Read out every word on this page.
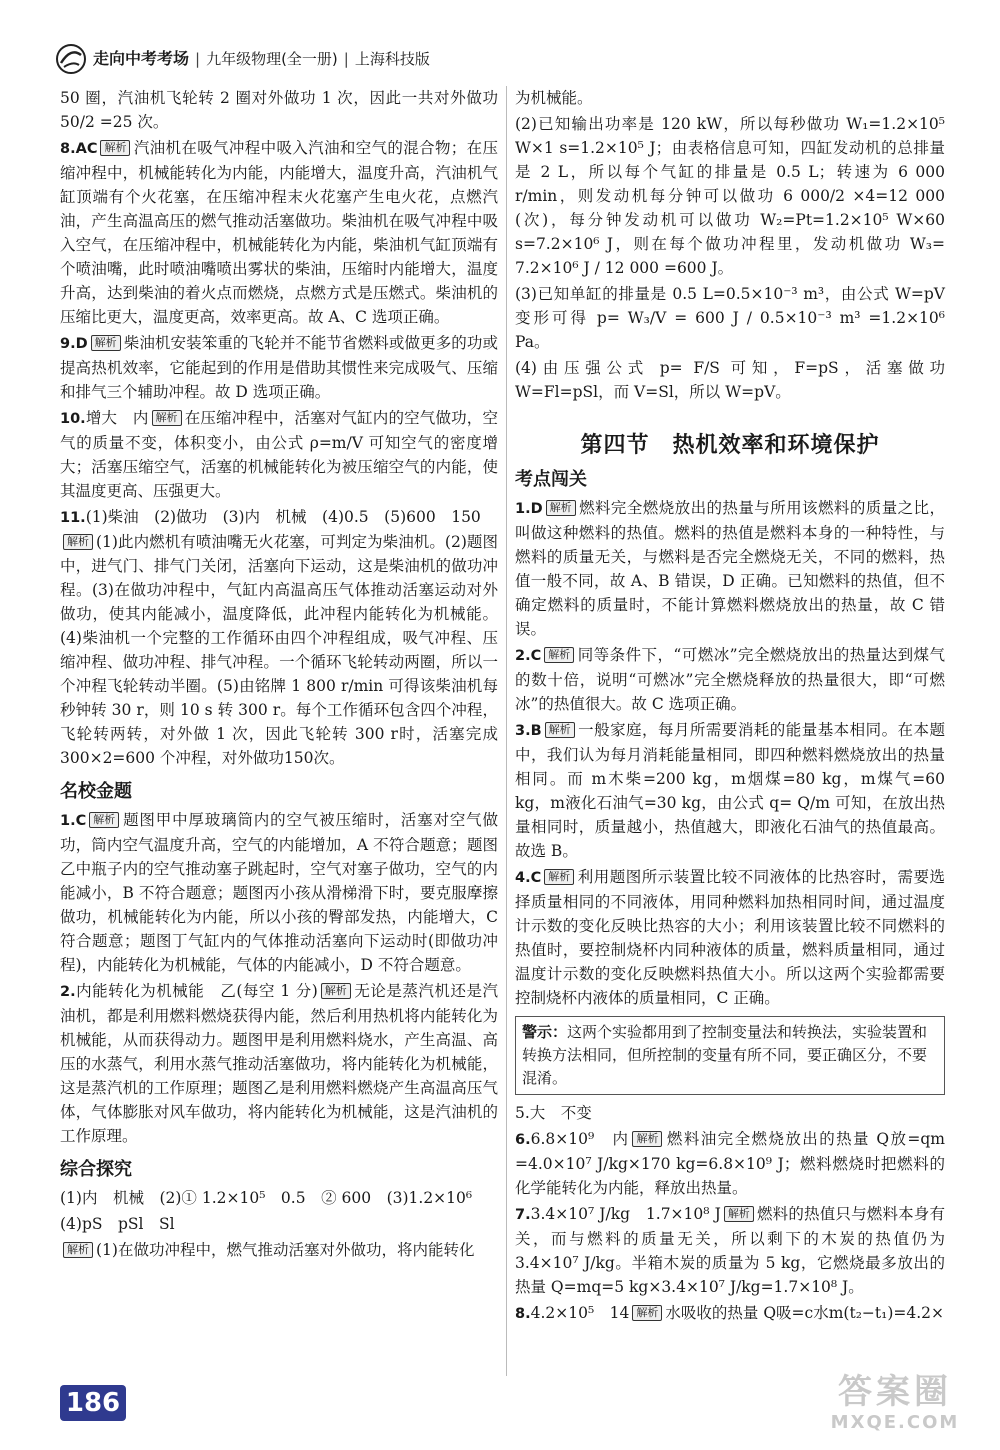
走向中考考场 | 九年级物理(全一册) | 上海科技版

50 圈，汽油机飞轮转 2 圈对外做功 1 次，因此一共对外做功 50/2 =25 次。

8.AC 解析 汽油机在吸气冲程中吸入汽油和空气的混合物；在压缩冲程中，机械能转化为内能，内能增大，温度升高，汽油机气缸顶端有个火花塞，在压缩冲程末火花塞产生电火花，点燃汽油，产生高温高压的燃气推动活塞做功。柴油机在吸气冲程中吸入空气，在压缩冲程中，机械能转化为内能，柴油机气缸顶端有个喷油嘴，此时喷油嘴喷出雾状的柴油，压缩时内能增大，温度升高，达到柴油的着火点而燃烧，点燃方式是压燃式。柴油机的压缩比更大，温度更高，效率更高。故 A、C 选项正确。

9.D 解析 柴油机安装笨重的飞轮并不能节省燃料或做更多的功或提高热机效率，它能起到的作用是借助其惯性来完成吸气、压缩和排气三个辅助冲程。故 D 选项正确。

10.增大　内 解析 在压缩冲程中，活塞对气缸内的空气做功，空气的质量不变，体积变小，由公式 ρ=m/V 可知空气的密度增大；活塞压缩空气，活塞的机械能转化为被压缩空气的内能，使其温度更高、压强更大。

11.(1)柴油　(2)做功　(3)内　机械　(4)0.5　(5)600　150
解析 (1)此内燃机有喷油嘴无火花塞，可判定为柴油机。(2)题图中，进气门、排气门关闭，活塞向下运动，这是柴油机的做功冲程。(3)在做功冲程中，气缸内高温高压气体推动活塞运动对外做功，使其内能减小，温度降低，此冲程内能转化为机械能。(4)柴油机一个完整的工作循环由四个冲程组成，吸气冲程、压缩冲程、做功冲程、排气冲程。一个循环飞轮转动两圈，所以一个冲程飞轮转动半圈。(5)由铭牌 1 800 r/min 可得该柴油机每秒钟转 30 r，则 10 s 转 300 r。每个工作循环包含四个冲程，飞轮转两转，对外做 1 次，因此飞轮转 300 r时，活塞完成 300×2=600 个冲程，对外做功150次。

名校金题

1.C 解析 题图甲中厚玻璃筒内的空气被压缩时，活塞对空气做功，筒内空气温度升高，空气的内能增加，A 不符合题意；题图乙中瓶子内的空气推动塞子跳起时，空气对塞子做功，空气的内能减小，B 不符合题意；题图丙小孩从滑梯滑下时，要克服摩擦做功，机械能转化为内能，所以小孩的臀部发热，内能增大，C 符合题意；题图丁气缸内的气体推动活塞向下运动时(即做功冲程)，内能转化为机械能，气体的内能减小，D 不符合题意。

2.内能转化为机械能　乙(每空 1 分) 解析 无论是蒸汽机还是汽油机，都是利用燃料燃烧获得内能，然后利用热机将内能转化为机械能，从而获得动力。题图甲是利用燃料烧水，产生高温、高压的水蒸气，利用水蒸气推动活塞做功，将内能转化为机械能，这是蒸汽机的工作原理；题图乙是利用燃料燃烧产生高温高压气体，气体膨胀对风车做功，将内能转化为机械能，这是汽油机的工作原理。

综合探究

(1)内　机械　(2)① 1.2×10⁵　0.5　② 600　(3)1.2×10⁶

(4)pS　pSl　Sl

解析 (1)在做功冲程中，燃气推动活塞对外做功，将内能转化

为机械能。

(2)已知输出功率是 120 kW，所以每秒做功 W₁=1.2×10⁵ W×1 s=1.2×10⁵ J；由表格信息可知，四缸发动机的总排量是 2 L，所以每个气缸的排量是 0.5 L；转速为 6 000 r/min，则发动机每分钟可以做功 6 000/2 ×4=12 000 (次)，每分钟发动机可以做功 W₂=Pt=1.2×10⁵ W×60 s=7.2×10⁶ J，则在每个做功冲程里，发动机做功 W₃= 7.2×10⁶ J / 12 000 =600 J。

(3)已知单缸的排量是 0.5 L=0.5×10⁻³ m³，由公式 W=pV 变形可得 p= W₃/V = 600 J / 0.5×10⁻³ m³ =1.2×10⁶ Pa。

(4)由压强公式 p= F/S 可知，F=pS，活塞做功 W=Fl=pSl，而 V=Sl，所以 W=pV。

第四节　热机效率和环境保护
考点闯关

1.D 解析 燃料完全燃烧放出的热量与所用该燃料的质量之比，叫做这种燃料的热值。燃料的热值是燃料本身的一种特性，与燃料的质量无关，与燃料是否完全燃烧无关，不同的燃料，热值一般不同，故 A、B 错误，D 正确。已知燃料的热值，但不确定燃料的质量时，不能计算燃料燃烧放出的热量，故 C 错误。

2.C 解析 同等条件下，“可燃冰”完全燃烧放出的热量达到煤气的数十倍，说明“可燃冰”完全燃烧释放的热量很大，即“可燃冰”的热值很大。故 C 选项正确。

3.B 解析 一般家庭，每月所需要消耗的能量基本相同。在本题中，我们认为每月消耗能量相同，即四种燃料燃烧放出的热量相同。而 m木柴=200 kg，m烟煤=80 kg，m煤气=60 kg，m液化石油气=30 kg，由公式 q= Q/m 可知，在放出热量相同时，质量越小，热值越大，即液化石油气的热值最高。故选 B。

4.C 解析 利用题图所示装置比较不同液体的比热容时，需要选择质量相同的不同液体，用同种燃料加热相同时间，通过温度计示数的变化反映比热容的大小；利用该装置比较不同燃料的热值时，要控制烧杯内同种液体的质量，燃料质量相同，通过温度计示数的变化反映燃料热值大小。所以这两个实验都需要控制烧杯内液体的质量相同，C 正确。

警示：这两个实验都用到了控制变量法和转换法，实验装置和转换方法相同，但所控制的变量有所不同，要正确区分，不要混淆。

5.大　不变

6.6.8×10⁹　内 解析 燃料油完全燃烧放出的热量 Q放=qm =4.0×10⁷ J/kg×170 kg=6.8×10⁹ J；燃料燃烧时把燃料的化学能转化为内能，释放出热量。

7.3.4×10⁷ J/kg　1.7×10⁸ J 解析 燃料的热值只与燃料本身有关，而与燃料的质量无关，所以剩下的木炭的热值仍为 3.4×10⁷ J/kg。半箱木炭的质量为 5 kg，它燃烧最多放出的热量 Q=mq=5 kg×3.4×10⁷ J/kg=1.7×10⁸ J。

8.4.2×10⁵　14 解析 水吸收的热量 Q吸=c水m(t₂−t₁)=4.2×

186	答案圈
MXQE.COM
